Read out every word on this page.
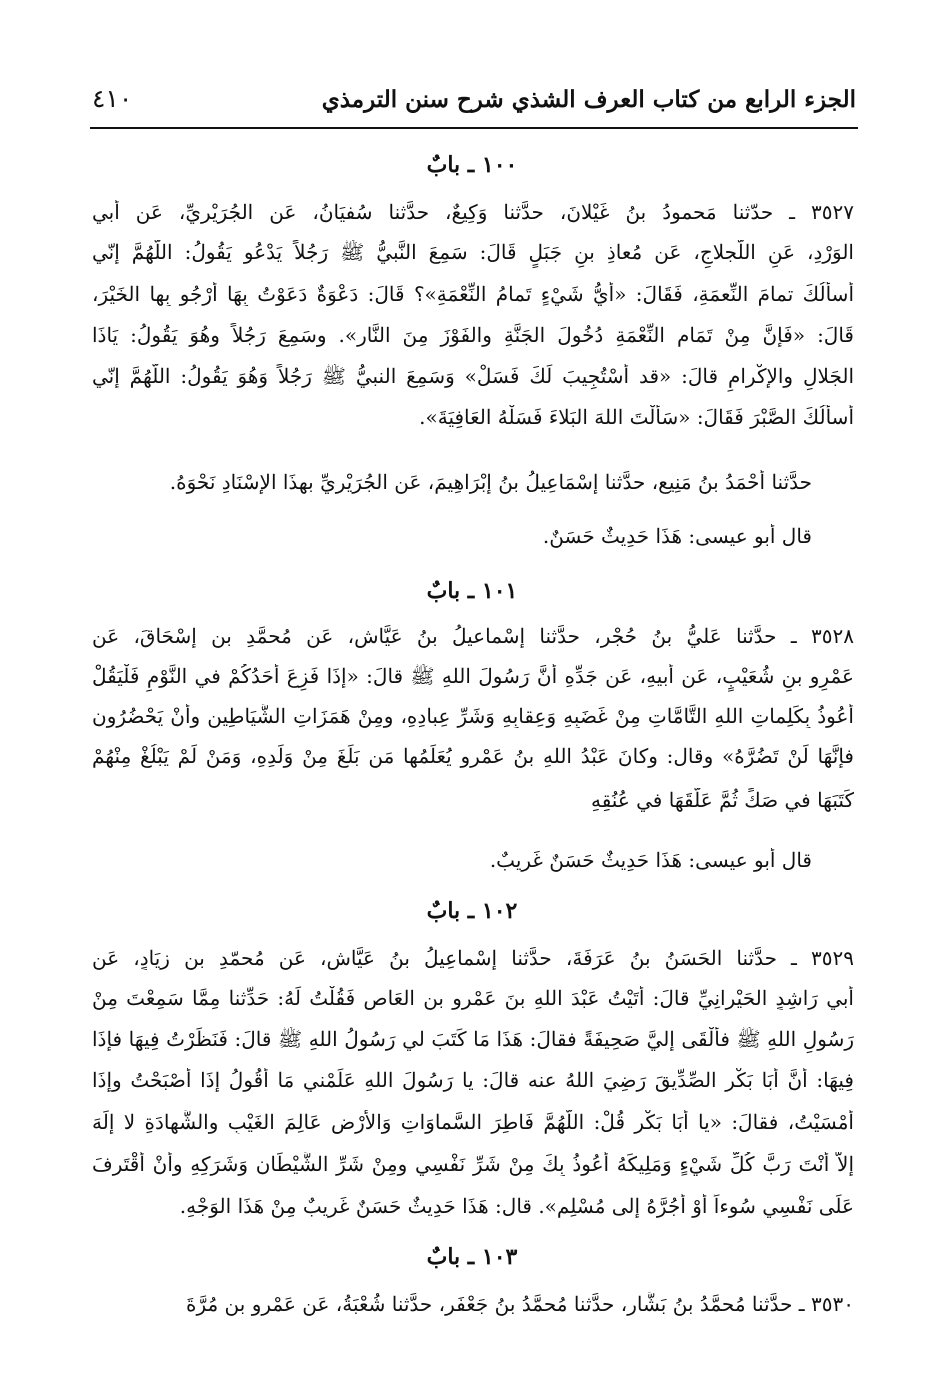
الجزء الرابع من كتاب العرف الشذي شرح سنن الترمذي
٤١٠
١٠٠ ـ بابٌ
٣٥٢٧ ـ حدّثنا مَحمودُ بنُ غَيْلانَ، حدَّثنا وَكِيعٌ، حدَّثنا سُفيَانُ، عَنِ الجُرَيْرِيِّ، عَن أبي
الوَرْدِ، عَنِ اللَّجلاجِ، عَن مُعاذِ بنِ جَبَلٍ قَالَ: سَمِعَ النَّبيُّ ﷺ رَجُلاً يَدْعُو يَقُولُ: اللّهُمَّ إنّي
أسألُكَ تمامَ النِّعمَةِ، فَقَالَ: «أَيُّ شَيْءٍ تَمامُ النِّعْمَةِ»؟ قَالَ: دَعْوَةٌ دَعَوْتُ بِهَا أرْجُو بِها الخَيْرَ،
قَالَ: «فَإنَّ مِنْ تَمَامِ النِّعْمَةِ دُخُولَ الجَنَّةِ والفَوْزَ مِنَ النَّارِ». وسَمِعَ رَجُلاً وهُوَ يَقُولُ: يَاذَا
الجَلالِ والإكْرامِ قالَ: «قد أُسْتُجِيبَ لَكَ فَسَلْ» وَسَمِعَ النبيُّ ﷺ رَجُلاً وَهُوَ يَقُولُ: اللّهُمَّ إنّي
أسألُكَ الصَّبْرَ فَقَالَ: «سَأَلْتَ اللهَ البَلاءَ فَسَلْهُ العَافِيَةَ».
حدَّثنا أحْمَدُ بنُ مَنِيعٍ، حدَّثنا إسْمَاعِيلُ بنُ إبْرَاهِيمَ، عَنِ الجُرَيْرِيِّ بهذَا الإسْنَادِ نَحْوَهُ.
قال أبو عيسى: هَذَا حَدِيثٌ حَسَنٌ.
١٠١ ـ بابٌ
٣٥٢٨ ـ حدَّثنا عَليُّ بنُ حُجْرٍ، حدَّثنا إسْماعيلُ بنُ عَيَّاشٍ، عَن مُحمَّدِ بنِ إسْحَاقَ، عَن
عَمْرِو بنِ شُعَيْبٍ، عَن أبيهِ، عَن جَدِّهِ أنَّ رَسُولَ اللهِ ﷺ قالَ: «إذَا فَزِعَ أحَدُكُمْ في النَّوْمِ فَلْيَقُلْ
أعُوذُ بِكَلِماتِ اللهِ التَّامَّاتِ مِنْ غَضَبِهِ وَعِقابِهِ وَشَرِّ عِبادِهِ، ومِنْ هَمَزَاتِ الشَّيَاطِينِ وأَنْ يَحْضُرُونِ
فإنَّهَا لَنْ تَضُرَّهُ» وقال: وكانَ عَبْدُ اللهِ بنُ عَمْرو يُعَلِّمُها مَن بَلَغَ مِنْ وَلَدِهِ، وَمَنْ لَمْ يَبْلُغْ مِنْهُمْ
كَتَبَهَا في صَكٍّ ثُمَّ عَلَّقَهَا في عُنُقِهِ
قال أبو عيسى: هَذَا حَدِيثٌ حَسَنٌ غَرِيبٌ.
١٠٢ ـ بابٌ
٣٥٢٩ ـ حدَّثنا الحَسَنُ بنُ عَرَفَةَ، حدَّثنا إسْماعِيلُ بنُ عَيَّاشٍ، عَن مُحمّدِ بنِ زِيَادٍ، عَن
أبي رَاشِدٍ الحَيْرانِيِّ قالَ: أتَيْتُ عَبْدَ اللهِ بنَ عَمْرِو بنِ العَاصِ فَقُلْتُ لَهُ: حَدِّثنا مِمَّا سَمِعْتَ مِنْ
رَسُولِ اللهِ ﷺ فألْقَى إليَّ صَحِيفَةً فقالَ: هَذَا مَا كَتَبَ لي رَسُولُ اللهِ ﷺ قالَ: فَنَظَرْتُ فِيهَا فإذَا
فِيهَا: أنَّ أبَا بَكْرٍ الصِّدِّيقَ رَضِيَ اللهُ عنه قالَ: يا رَسُولَ اللهِ عَلِّمْني مَا أقُولُ إذَا أصْبَحْتُ وإذَا
أمْسَيْتُ، فقالَ: «يا أبَا بَكْرٍ قُلْ: اللَّهُمَّ فَاطِرَ السَّماوَاتِ وَالأرْضِ عَالِمَ الغَيْبِ والشَّهادَةِ لا إلَهَ
إلاّ أنْتَ رَبَّ كُلِّ شَيْءٍ وَمَلِيكَهُ أعُوذُ بِكَ مِنْ شَرِّ نَفْسِي ومِنْ شَرِّ الشَّيْطَانِ وَشَرَكِهِ وأَنْ أقْتَرِفَ
عَلَى نَفْسِي سُوءاً أوْ أجُرَّهُ إلى مُسْلِمٍ». قال: هَذَا حَدِيثٌ حَسَنٌ غَرِيبٌ مِنْ هَذَا الوَجْهِ.
١٠٣ ـ بابٌ
٣٥٣٠ ـ حدَّثنا مُحمَّدُ بنُ بَشَّارٍ، حدَّثنا مُحمَّدُ بنُ جَعْفَرٍ، حدَّثنا شُعْبَةُ، عَن عَمْرِو بنِ مُرَّةَ
